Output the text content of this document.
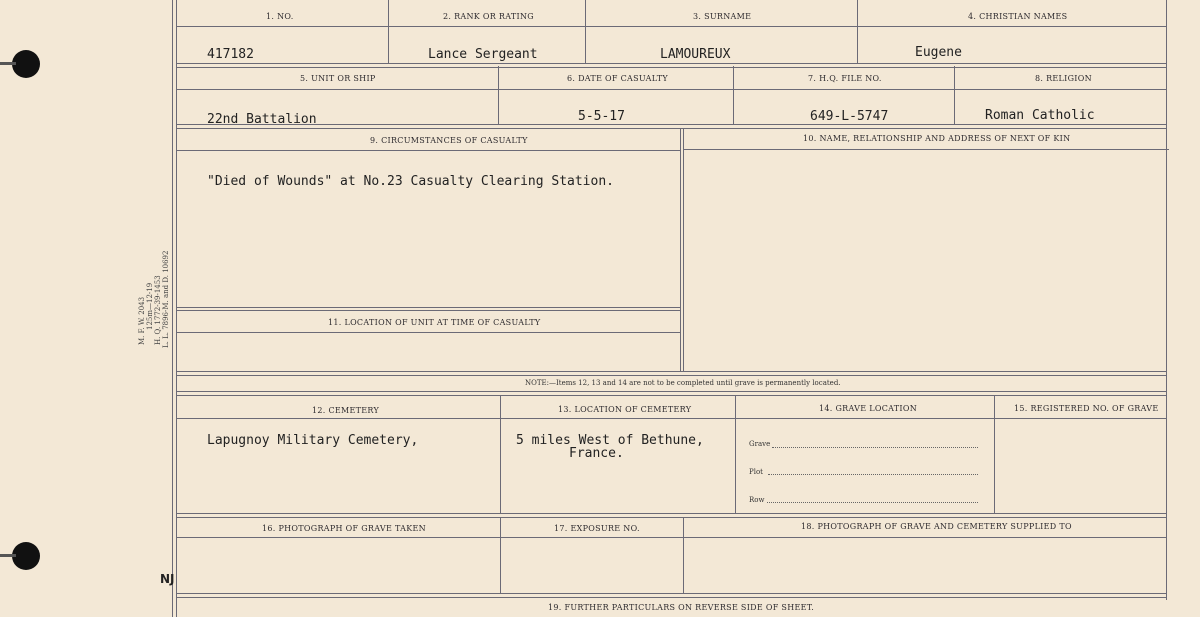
M. F. W. 2043 125m—12-19 H. Q. 1772-39-1453 L. L. 7896-M. and D. 10692
NJ
1. NO.	2. RANK OR RATING	3. SURNAME	4. CHRISTIAN NAMES
417182	Lance Sergeant	LAMOUREUX	Eugene
5. UNIT OR SHIP	6. DATE OF CASUALTY	7. H.Q. FILE NO.	8. RELIGION
22nd Battalion	5-5-17	649-L-5747	Roman Catholic
9. CIRCUMSTANCES OF CASUALTY	10. NAME, RELATIONSHIP AND ADDRESS OF NEXT OF KIN
"Died of Wounds" at No.23 Casualty Clearing Station.
11. LOCATION OF UNIT AT TIME OF CASUALTY
NOTE:—Items 12, 13 and 14 are not to be completed until grave is permanently located.
12. CEMETERY	13. LOCATION OF CEMETERY	14. GRAVE LOCATION	15. REGISTERED NO. OF GRAVE
Lapugnoy Military Cemetery,	5 miles West of Bethune,
France.
Grave
Plot
Row
16. PHOTOGRAPH OF GRAVE TAKEN	17. EXPOSURE NO.	18. PHOTOGRAPH OF GRAVE AND CEMETERY SUPPLIED TO
19. FURTHER PARTICULARS ON REVERSE SIDE OF SHEET.
